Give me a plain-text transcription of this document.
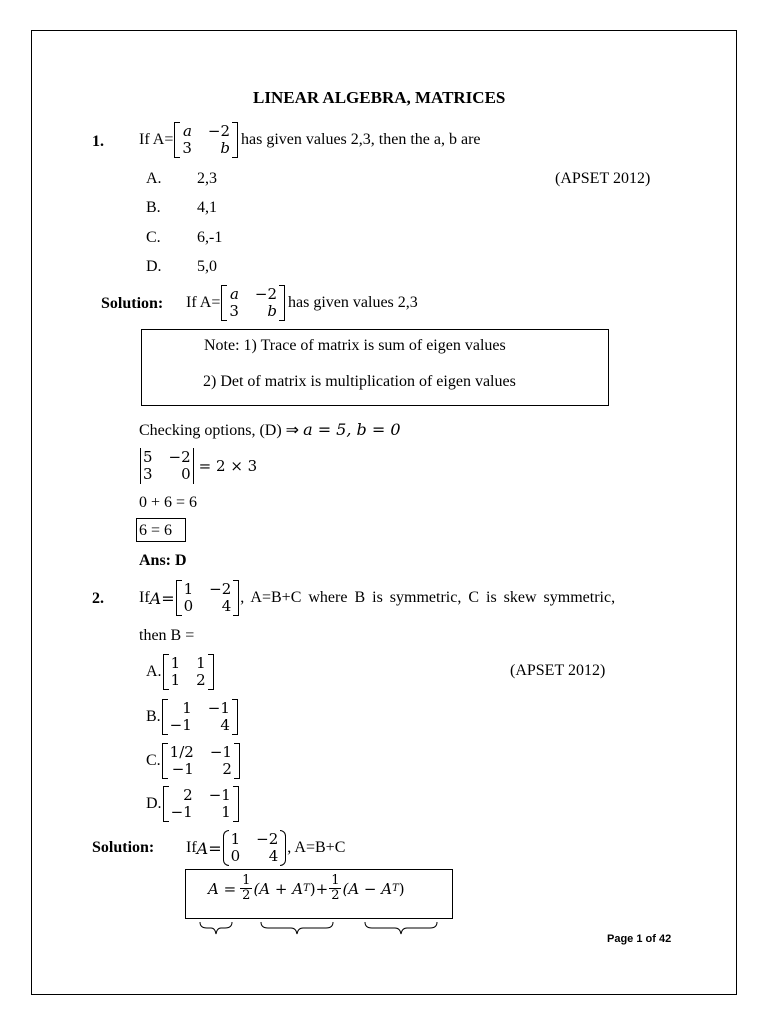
LINEAR ALGEBRA, MATRICES
1. If A= a −2
3	b has given values 2,3, then the a, b are
(APSET 2012)
A. 2,3
B. 4,1
C. 6,-1
D. 5,0
Solution: If A= a −2
3	b has given values 2,3
Note: 1) Trace of matrix is sum of eigen values
2) Det of matrix is multiplication of eigen values
Checking options, (D) ⇒ a = 5, b = 0
5 −2
3	0 = 2 × 3
0 + 6 = 6
6 = 6
Ans: D
2. If A = 1 −2
0	4 , A=B+C where B is symmetric, C is skew symmetric,
then B =
(APSET 2012)
A. 1 1
1 2
B.	1 −1
−1	4
C. 1/2 −1
−1	2
D.	2 −1
−1	1
Solution: If A = 1 −2
0	4 , A=B+C
$A = \frac{1}{2} (A + A$ T ) + $\frac{1}{2} (A - A$ T )
Page 1 of 42
